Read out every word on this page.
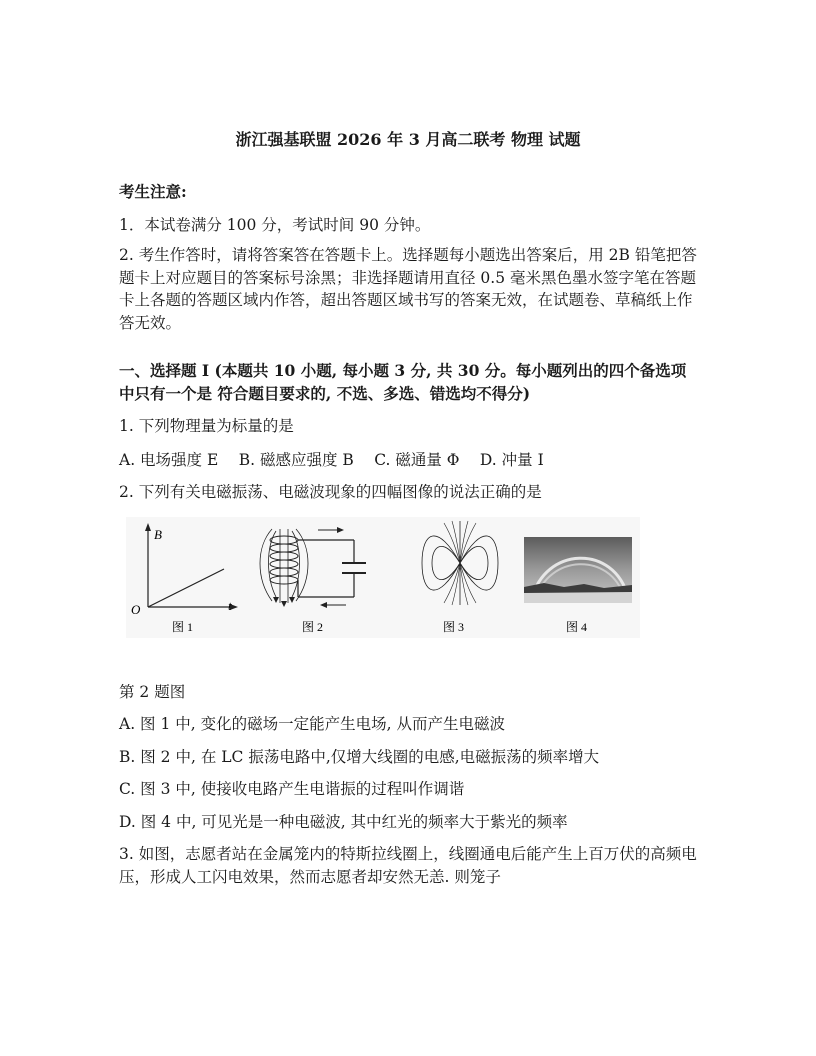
浙江强基联盟 2026 年 3 月高二联考 物理 试题
考生注意:
1．本试卷满分 100 分，考试时间 90 分钟。
2. 考生作答时，请将答案答在答题卡上。选择题每小题选出答案后，用 2B 铅笔把答题卡上对应题目的答案标号涂黑；非选择题请用直径 0.5 毫米黑色墨水签字笔在答题卡上各题的答题区域内作答，超出答题区域书写的答案无效，在试题卷、草稿纸上作答无效。
一、选择题 I (本题共 10 小题, 每小题 3 分, 共 30 分。每小题列出的四个备选项中只有一个是 符合题目要求的, 不选、多选、错选均不得分)
1. 下列物理量为标量的是
A. 电场强度 E　 B. 磁感应强度 B　 C. 磁通量 Φ　 D. 冲量 I
2. 下列有关电磁振荡、电磁波现象的四幅图像的说法正确的是
B
t
O
图 1	图 2	图 3	图 4
第 2 题图
A. 图 1 中, 变化的磁场一定能产生电场, 从而产生电磁波
B. 图 2 中, 在 LC 振荡电路中,仅增大线圈的电感,电磁振荡的频率增大
C. 图 3 中, 使接收电路产生电谐振的过程叫作调谐
D. 图 4 中, 可见光是一种电磁波, 其中红光的频率大于紫光的频率
3. 如图，志愿者站在金属笼内的特斯拉线圈上，线圈通电后能产生上百万伏的高频电压，形成人工闪电效果，然而志愿者却安然无恙. 则笼子
